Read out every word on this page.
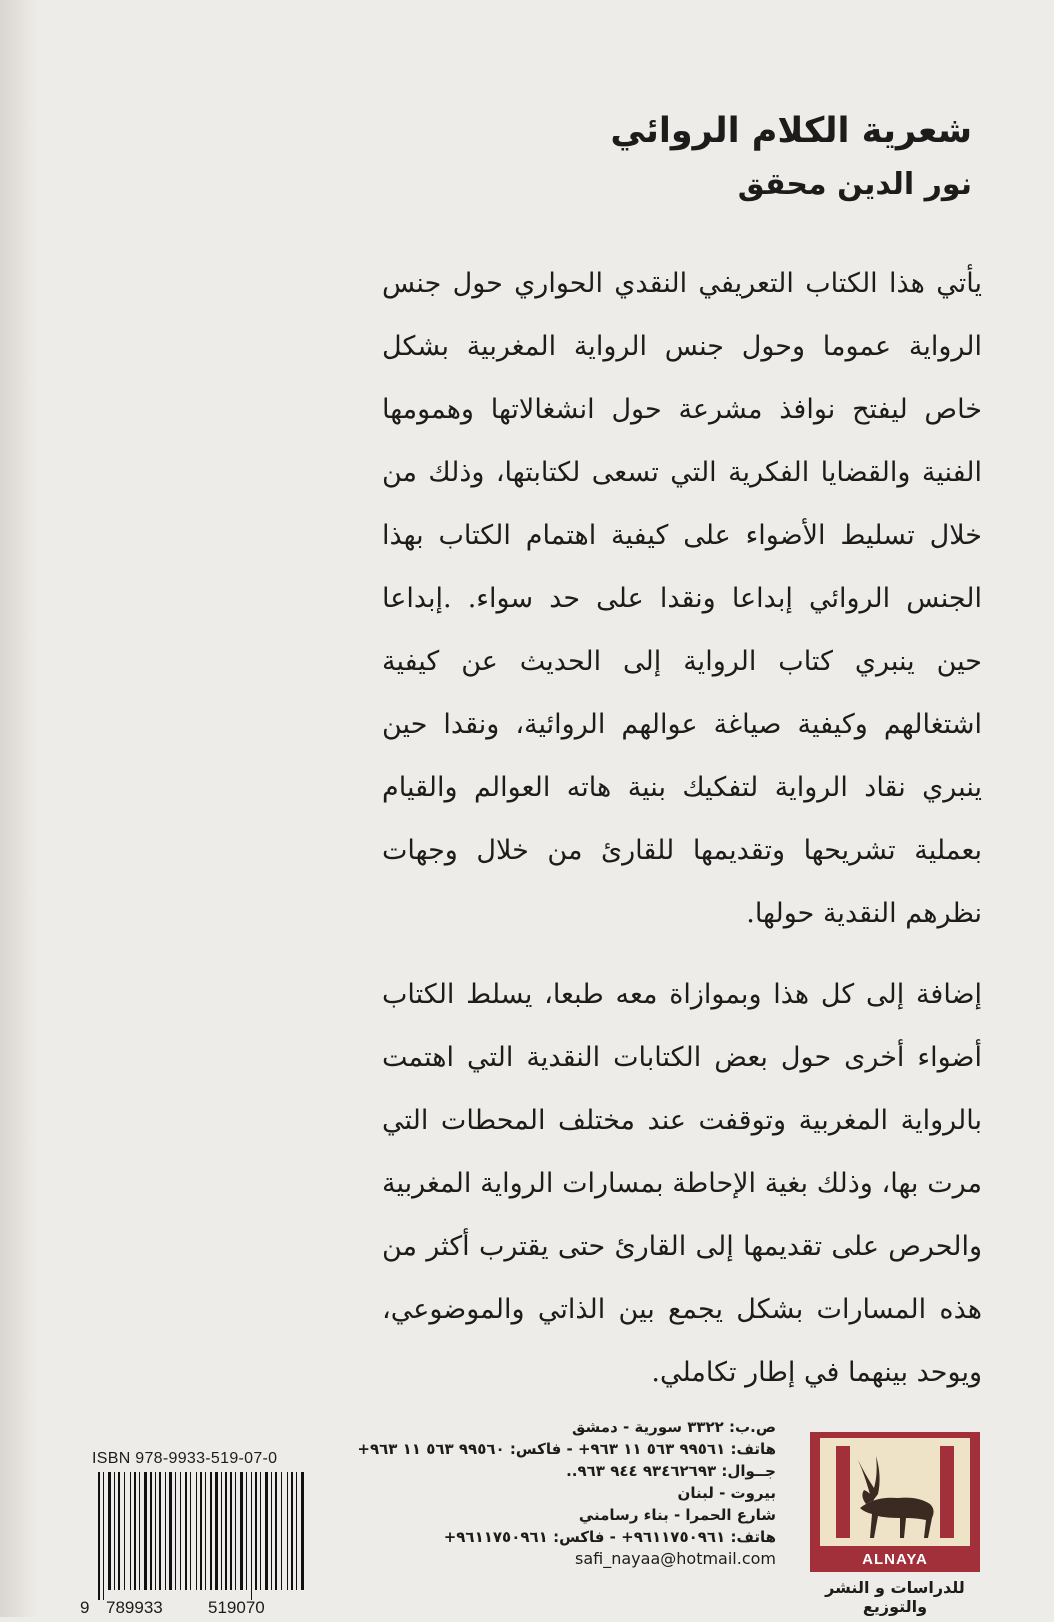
شعرية الكلام الروائي
نور الدين محقق

يأتي هذا الكتاب التعريفي النقدي الحواري حول جنس الرواية عموما وحول جنس الرواية المغربية بشكل خاص ليفتح نوافذ مشرعة حول انشغالاتها وهمومها الفنية والقضايا الفكرية التي تسعى لكتابتها، وذلك من خلال تسليط الأضواء على كيفية اهتمام الكتاب بهذا الجنس الروائي إبداعا ونقدا على حد سواء. .إبداعا حين ينبري كتاب الرواية إلى الحديث عن كيفية اشتغالهم وكيفية صياغة عوالهم الروائية، ونقدا حين ينبري نقاد الرواية لتفكيك بنية هاته العوالم والقيام بعملية تشريحها وتقديمها للقارئ من خلال وجهات نظرهم النقدية حولها.

إضافة إلى كل هذا وبموازاة معه طبعا، يسلط الكتاب أضواء أخرى حول بعض الكتابات النقدية التي اهتمت بالرواية المغربية وتوقفت عند مختلف المحطات التي مرت بها، وذلك بغية الإحاطة بمسارات الرواية المغربية والحرص على تقديمها إلى القارئ حتى يقترب أكثر من هذه المسارات بشكل يجمع بين الذاتي والموضوعي، ويوحد بينهما في إطار تكاملي.

ISBN 978-9933-519-07-0
9 789933	519070
ص.ب: ٣٣٢٢ سورية - دمشق
هاتف: ٩٩٥٦١ ٥٦٣ ١١ ٩٦٣+ - فاكس: ٩٩٥٦٠ ٥٦٣ ١١ ٩٦٣+
جــوال: ٩٣٤٦٢٦٩٣ ٩٤٤ ٩٦٣..
بيروت - لبنان
شارع الحمرا - بناء رسامني
هاتف: ٩٦١١٧٥٠٩٦١+ - فاكس: ٩٦١١٧٥٠٩٦١+
safi_nayaa@hotmail.com	ALNAYA
للدراسات و النشر والتوزيع
